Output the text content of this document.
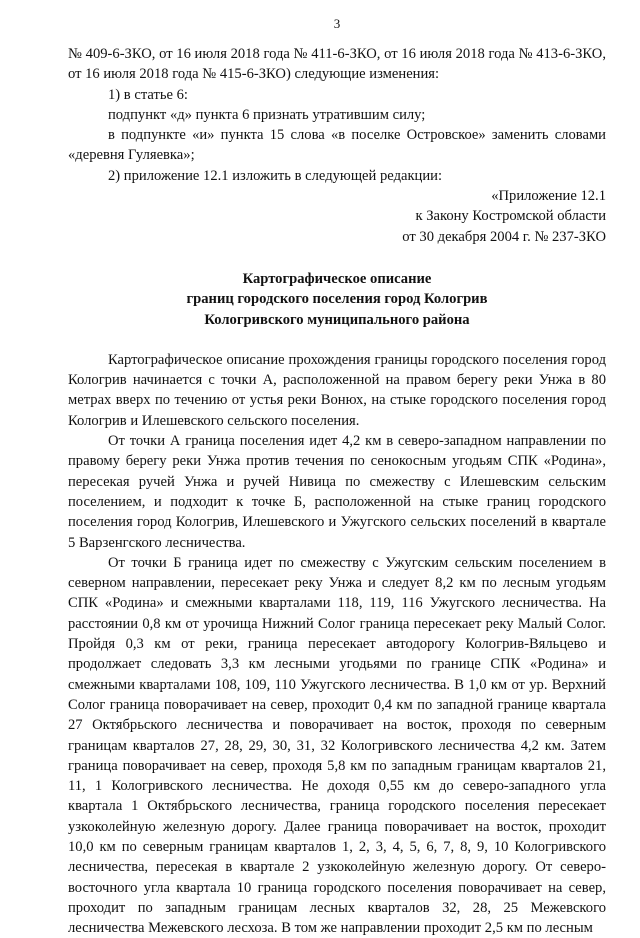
3

№ 409-6-ЗКО, от 16 июля 2018 года № 411-6-ЗКО, от 16 июля 2018 года № 413-6-ЗКО, от 16 июля 2018 года № 415-6-ЗКО) следующие изменения:

1) в статье 6:

подпункт «д» пункта 6 признать утратившим силу;

в подпункте «и» пункта 15 слова «в поселке Островское» заменить словами «деревня Гуляевка»;

2) приложение 12.1 изложить в следующей редакции:

«Приложение 12.1

к Закону Костромской области

от 30 декабря 2004 г. № 237-ЗКО

Картографическое описание
границ городского поселения город Кологрив
Кологривского муниципального района

Картографическое описание прохождения границы городского поселения город Кологрив начинается с точки А, расположенной на правом берегу реки Унжа в 80 метрах вверх по течению от устья реки Вонюх, на стыке городского поселения город Кологрив и Илешевского сельского поселения.

От точки А граница поселения идет 4,2 км в северо-западном направлении по правому берегу реки Унжа против течения по сенокосным угодьям СПК «Родина», пересекая ручей Унжа и ручей Нивица по смежеству с Илешевским сельским поселением, и подходит к точке Б, расположенной на стыке границ городского поселения город Кологрив, Илешевского и Ужугского сельских поселений в квартале 5 Варзенгского лесничества.

От точки Б граница идет по смежеству с Ужугским сельским поселением в северном направлении, пересекает реку Унжа и следует 8,2 км по лесным угодьям СПК «Родина» и смежными кварталами 118, 119, 116 Ужугского лесничества. На расстоянии 0,8 км от урочища Нижний Солог граница пересекает реку Малый Солог. Пройдя 0,3 км от реки, граница пересекает автодорогу Кологрив-Вяльцево и продолжает следовать 3,3 км лесными угодьями по границе СПК «Родина» и смежными кварталами 108, 109, 110 Ужугского лесничества. В 1,0 км от ур. Верхний Солог граница поворачивает на север, проходит 0,4 км по западной границе квартала 27 Октябрьского лесничества и поворачивает на восток, проходя по северным границам кварталов 27, 28, 29, 30, 31, 32 Кологривского лесничества 4,2 км. Затем граница поворачивает на север, проходя 5,8 км по западным границам кварталов 21, 11, 1 Кологривского лесничества. Не доходя 0,55 км до северо-западного угла квартала 1 Октябрьского лесничества, граница городского поселения пересекает узкоколейную железную дорогу. Далее граница поворачивает на восток, проходит 10,0 км по северным границам кварталов 1, 2, 3, 4, 5, 6, 7, 8, 9, 10 Кологривского лесничества, пересекая в квартале 2 узкоколейную железную дорогу. От северо-восточного угла квартала 10 граница городского поселения поворачивает на север, проходит по западным границам лесных кварталов 32, 28, 25 Межевского лесничества Межевского лесхоза. В том же направлении проходит 2,5 км по лесным
